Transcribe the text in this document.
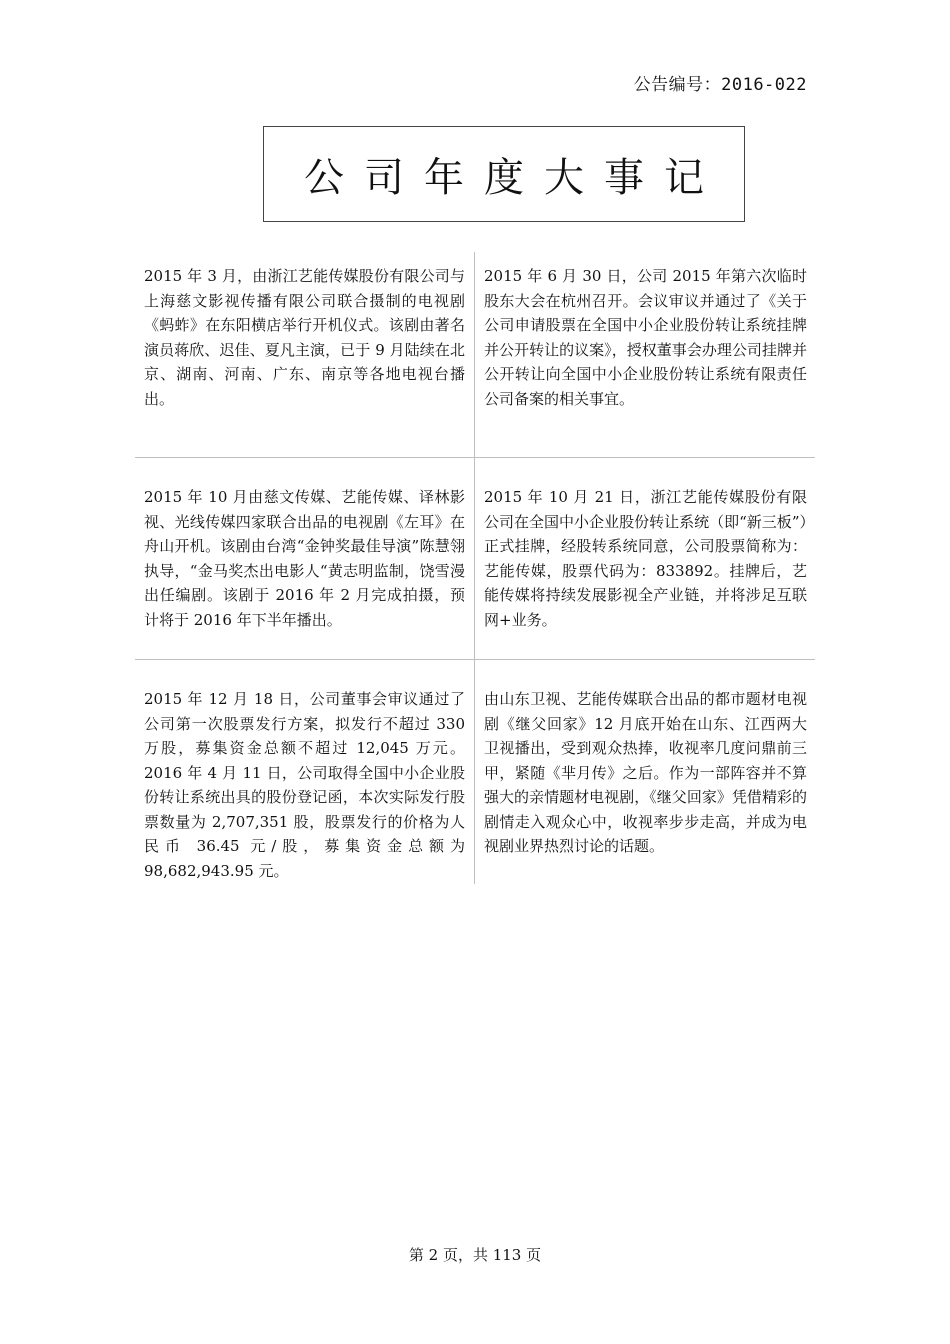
公告编号：2016-022
公司年度大事记
2015 年 3 月，由浙江艺能传媒股份有限公司与上海慈文影视传播有限公司联合摄制的电视剧《蚂蚱》在东阳横店举行开机仪式。该剧由著名演员蒋欣、迟佳、夏凡主演，已于 9 月陆续在北京、湖南、河南、广东、南京等各地电视台播出。
2015 年 6 月 30 日，公司 2015 年第六次临时股东大会在杭州召开。会议审议并通过了《关于公司申请股票在全国中小企业股份转让系统挂牌并公开转让的议案》，授权董事会办理公司挂牌并公开转让向全国中小企业股份转让系统有限责任公司备案的相关事宜。
2015 年 10 月由慈文传媒、艺能传媒、译林影视、光线传媒四家联合出品的电视剧《左耳》在舟山开机。该剧由台湾“金钟奖最佳导演”陈慧翎执导，“金马奖杰出电影人“黄志明监制，饶雪漫出任编剧。该剧于 2016 年 2 月完成拍摄，预计将于 2016 年下半年播出。
2015 年 10 月 21 日，浙江艺能传媒股份有限公司在全国中小企业股份转让系统（即“新三板”）正式挂牌，经股转系统同意，公司股票简称为：艺能传媒，股票代码为：833892。挂牌后，艺能传媒将持续发展影视全产业链，并将涉足互联网+业务。
2015 年 12 月 18 日，公司董事会审议通过了公司第一次股票发行方案，拟发行不超过 330 万股，募集资金总额不超过 12,045 万元。2016 年 4 月 11 日，公司取得全国中小企业股份转让系统出具的股份登记函，本次实际发行股票数量为 2,707,351 股，股票发行的价格为人民币 36.45 元/股，募集资金总额为 98,682,943.95 元。
由山东卫视、艺能传媒联合出品的都市题材电视剧《继父回家》12 月底开始在山东、江西两大卫视播出，受到观众热捧，收视率几度问鼎前三甲，紧随《芈月传》之后。作为一部阵容并不算强大的亲情题材电视剧，《继父回家》凭借精彩的剧情走入观众心中，收视率步步走高，并成为电视剧业界热烈讨论的话题。
第 2 页，共 113 页
